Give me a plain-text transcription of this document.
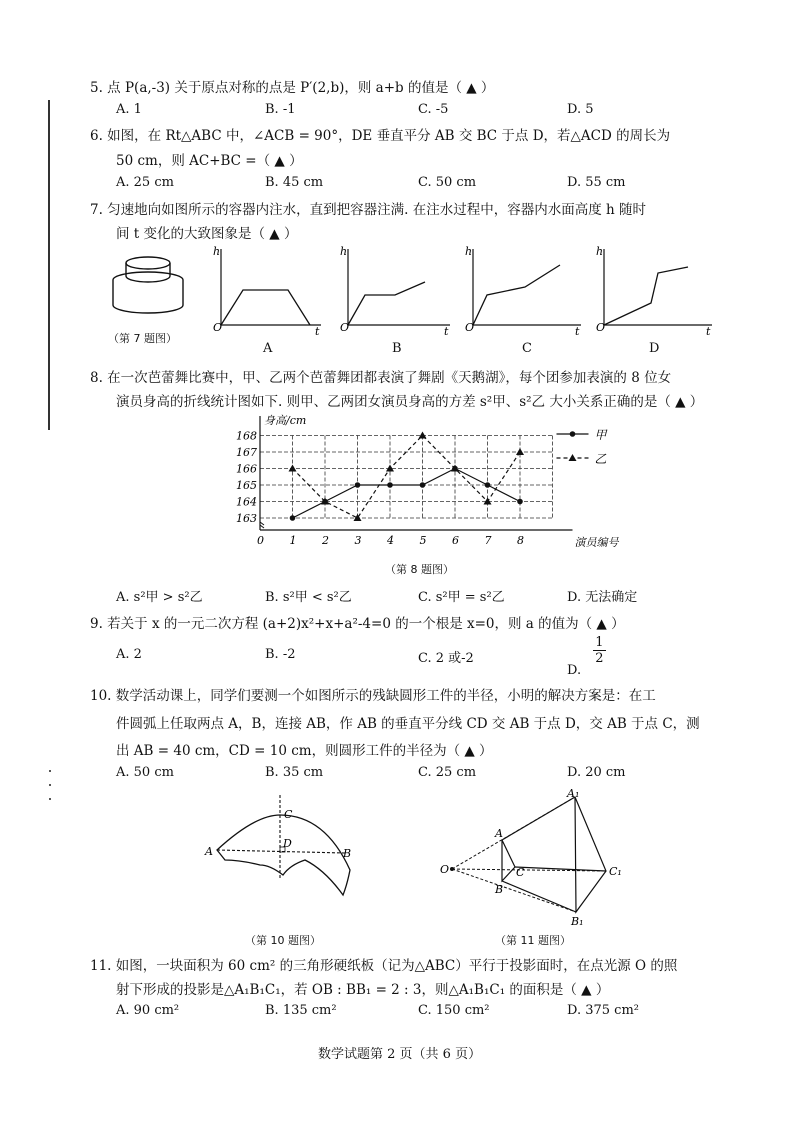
5. 点 P(a,-3) 关于原点对称的点是 P′(2,b)，则 a+b 的值是（ ▲ ）
A. 1	B. -1	C. -5	D. 5
6. 如图，在 Rt△ABC 中，∠ACB = 90°，DE 垂直平分 AB 交 BC 于点 D，若△ACD 的周长为
50 cm，则 AC+BC =（ ▲ ）
A. 25 cm	B. 45 cm	C. 50 cm	D. 55 cm
7. 匀速地向如图所示的容器内注水，直到把容器注满. 在注水过程中，容器内水面高度 h 随时
间 t 变化的大致图象是（ ▲ ）
（第 7 题图）
h
O	t
A
h
O	t
B
h
O	t
C
h
O	t
D
8. 在一次芭蕾舞比赛中，甲、乙两个芭蕾舞团都表演了舞剧《天鹅湖》，每个团参加表演的 8 位女
演员身高的折线统计图如下. 则甲、乙两团女演员身高的方差 s²甲、s²乙 大小关系正确的是（ ▲ ）
163
164
165
166
167
168
0 1 2 3 4 5 6 7 8
身高/cm
演员编号
甲
乙
（第 8 题图）
A. s²甲 > s²乙	B. s²甲 < s²乙	C. s²甲 = s²乙	D. 无法确定
9. 若关于 x 的一元二次方程 (a+2)x²+x+a²-4=0 的一个根是 x=0，则 a 的值为（ ▲ ）
A. 2	B. -2	C. 2 或-2
D.
$\frac{1}{2}$
10. 数学活动课上，同学们要测一个如图所示的残缺圆形工件的半径，小明的解决方案是：在工
件圆弧上任取两点 A，B，连接 AB，作 AB 的垂直平分线 CD 交 AB 于点 D，交 AB 于点 C，测
出 AB = 40 cm，CD = 10 cm，则圆形工件的半径为（ ▲ ）
A. 50 cm	B. 35 cm	C. 25 cm	D. 20 cm
C
D
A	B
（第 10 题图）
A₁
A
O	C	C₁
B
B₁
（第 11 题图）
11. 如图，一块面积为 60 cm² 的三角形硬纸板（记为△ABC）平行于投影面时，在点光源 O 的照
射下形成的投影是△A₁B₁C₁，若 OB : BB₁ = 2 : 3，则△A₁B₁C₁ 的面积是（ ▲ ）
A. 90 cm²	B. 135 cm²	C. 150 cm²	D. 375 cm²
数学试题第 2 页（共 6 页）
